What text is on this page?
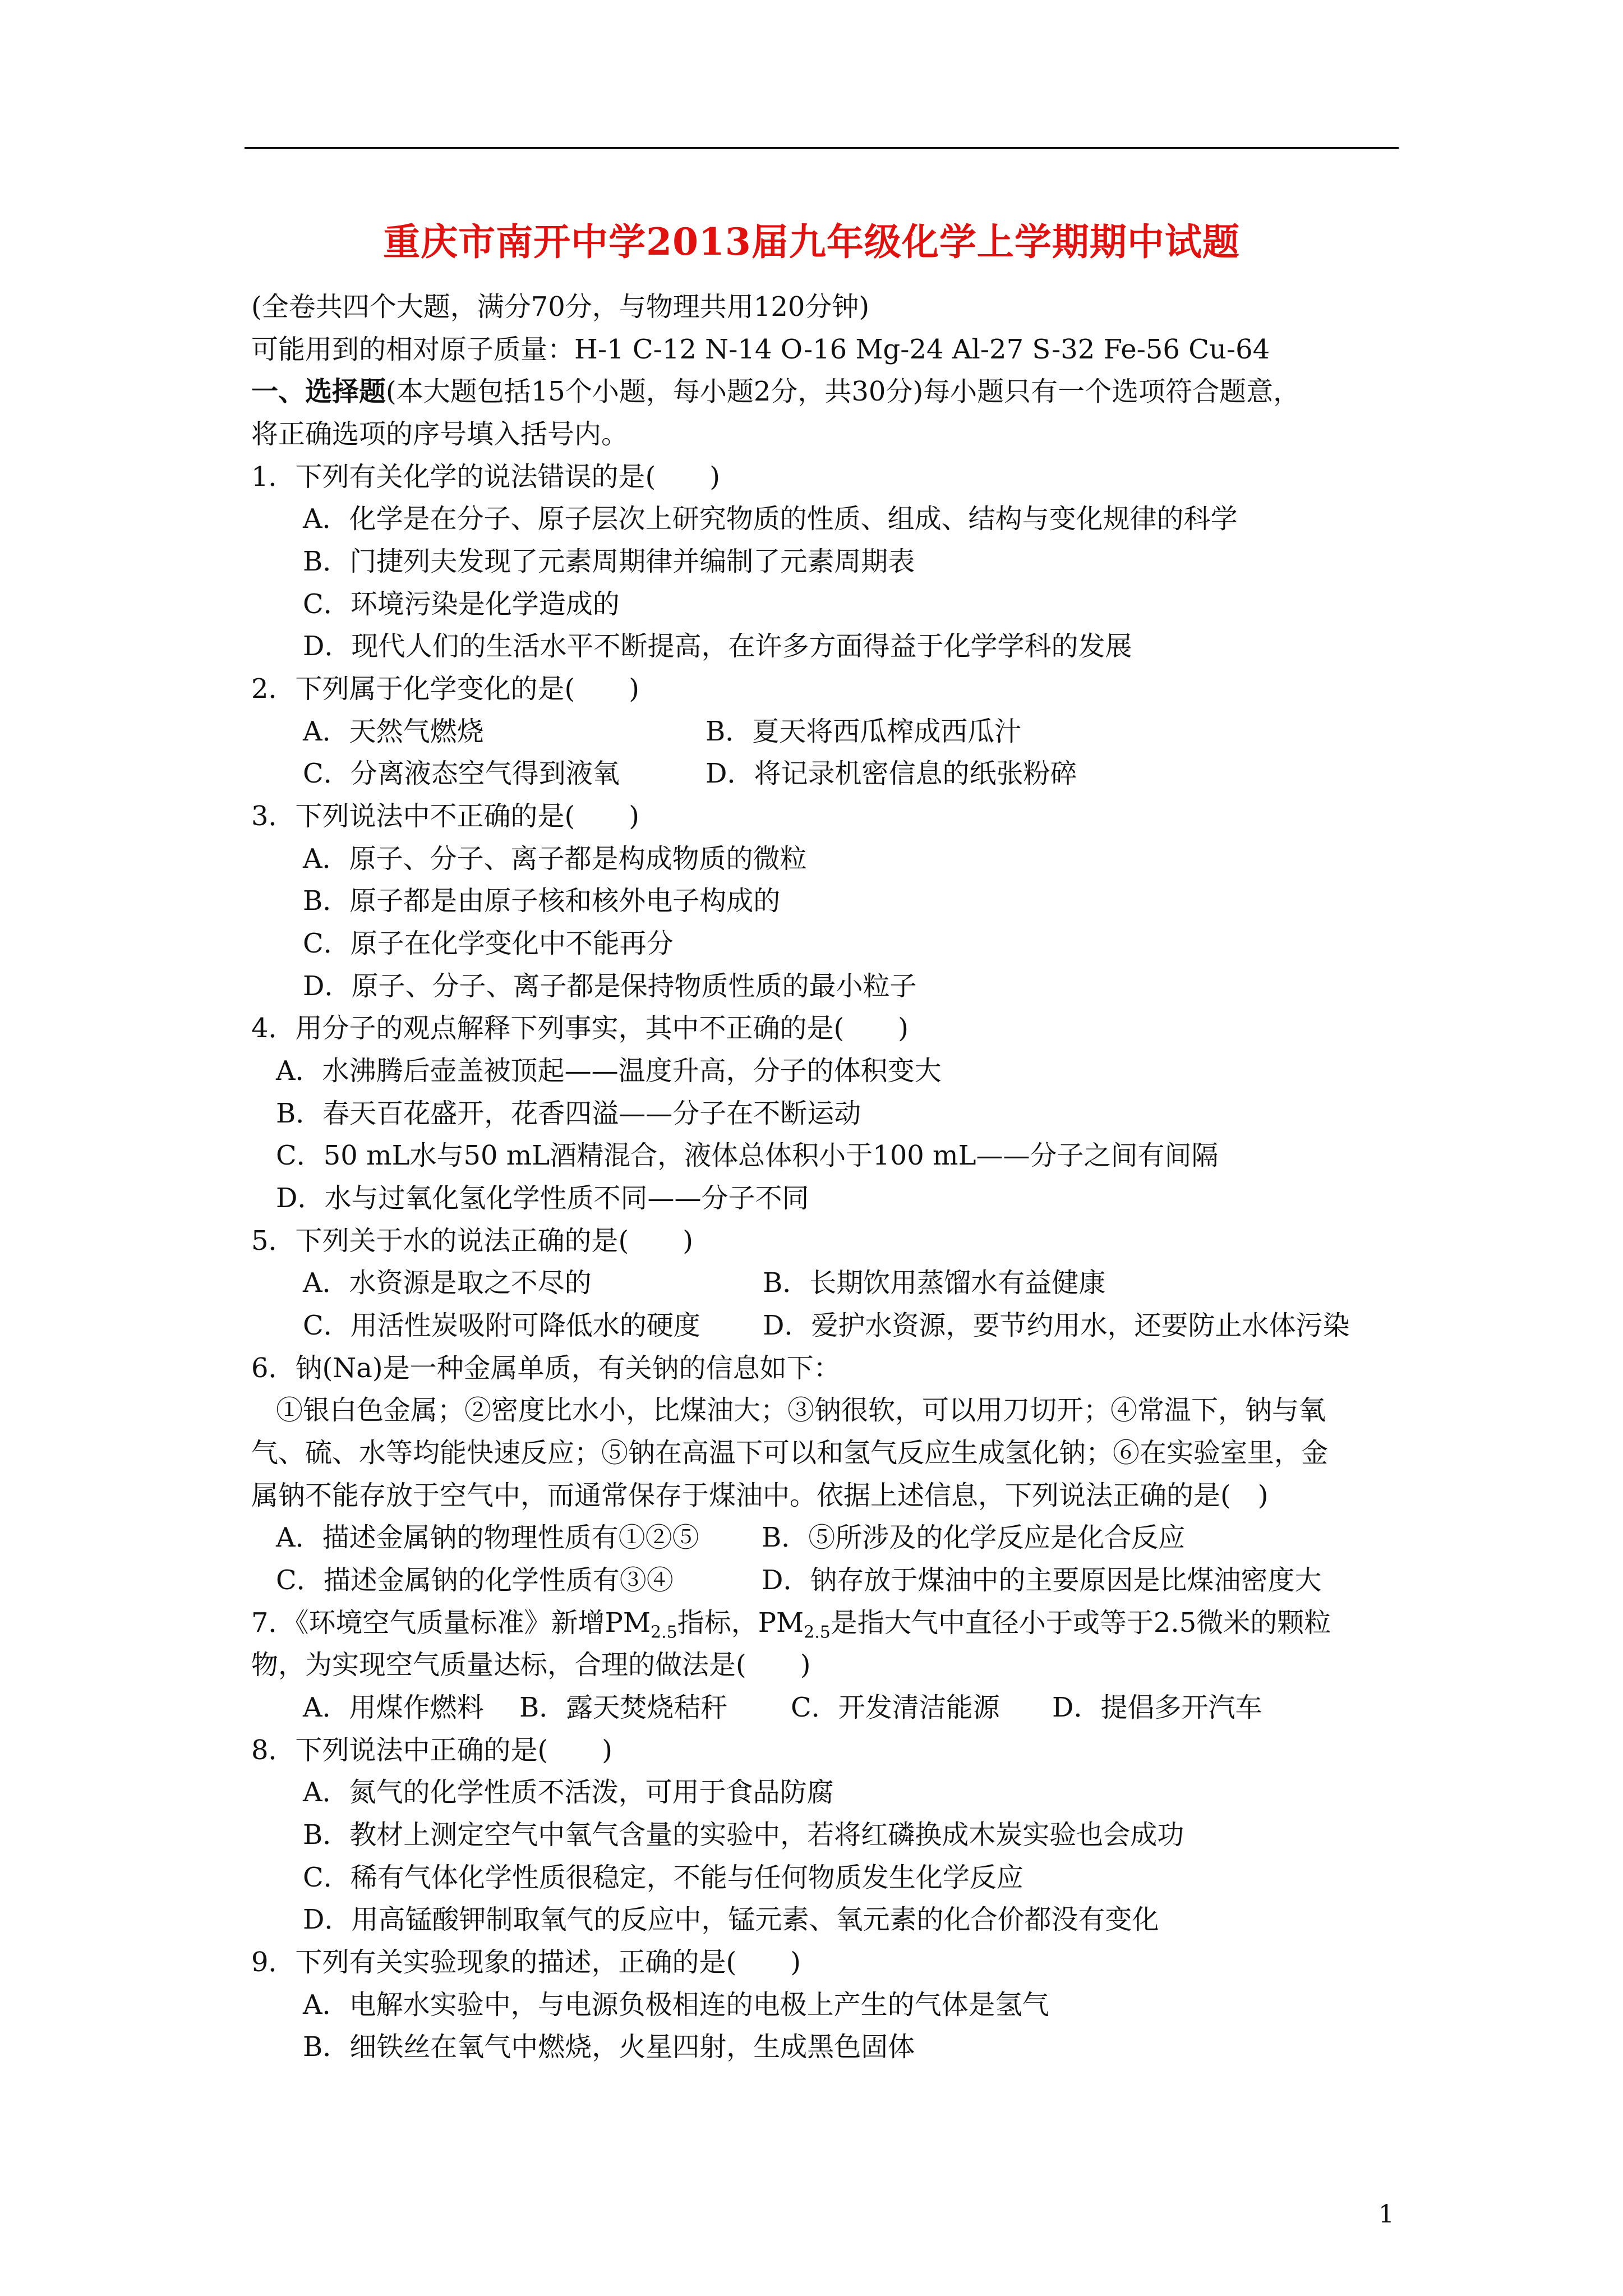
重庆市南开中学2013届九年级化学上学期期中试题
(全卷共四个大题，满分70分，与物理共用120分钟)
可能用到的相对原子质量：H-1 C-12 N-14 O-16 Mg-24 Al-27 S-32 Fe-56 Cu-64
一、选择题(本大题包括15个小题，每小题2分，共30分)每小题只有一个选项符合题意，
将正确选项的序号填入括号内。
1．下列有关化学的说法错误的是(　　)
A．化学是在分子、原子层次上研究物质的性质、组成、结构与变化规律的科学
B．门捷列夫发现了元素周期律并编制了元素周期表
C．环境污染是化学造成的
D．现代人们的生活水平不断提高，在许多方面得益于化学学科的发展
2．下列属于化学变化的是(　　)
A．天然气燃烧	B．夏天将西瓜榨成西瓜汁
C．分离液态空气得到液氧	D．将记录机密信息的纸张粉碎
3．下列说法中不正确的是(　　)
A．原子、分子、离子都是构成物质的微粒
B．原子都是由原子核和核外电子构成的
C．原子在化学变化中不能再分
D．原子、分子、离子都是保持物质性质的最小粒子
4．用分子的观点解释下列事实，其中不正确的是(　　)
A．水沸腾后壶盖被顶起——温度升高，分子的体积变大
B．春天百花盛开，花香四溢——分子在不断运动
C．50 mL水与50 mL酒精混合，液体总体积小于100 mL——分子之间有间隔
D．水与过氧化氢化学性质不同——分子不同
5．下列关于水的说法正确的是(　　)
A．水资源是取之不尽的	B．长期饮用蒸馏水有益健康
C．用活性炭吸附可降低水的硬度 D．爱护水资源，要节约用水，还要防止水体污染
6．钠(Na)是一种金属单质，有关钠的信息如下：
①银白色金属；②密度比水小，比煤油大；③钠很软，可以用刀切开；④常温下，钠与氧
气、硫、水等均能快速反应；⑤钠在高温下可以和氢气反应生成氢化钠；⑥在实验室里，金
属钠不能存放于空气中，而通常保存于煤油中。依据上述信息，下列说法正确的是(　)
A．描述金属钠的物理性质有①②⑤ B．⑤所涉及的化学反应是化合反应
C．描述金属钠的化学性质有③④	D．钠存放于煤油中的主要原因是比煤油密度大
7．《环境空气质量标准》新增$PM_{2.5}$指标，$PM_{2.5}$是指大气中直径小于或等于2.5微米的颗粒
物，为实现空气质量达标，合理的做法是(　　)
A．用煤作燃料 B．露天焚烧秸秆 C．开发清洁能源 D．提倡多开汽车
8．下列说法中正确的是(　　)
A．氮气的化学性质不活泼，可用于食品防腐
B．教材上测定空气中氧气含量的实验中，若将红磷换成木炭实验也会成功
C．稀有气体化学性质很稳定，不能与任何物质发生化学反应
D．用高锰酸钾制取氧气的反应中，锰元素、氧元素的化合价都没有变化
9．下列有关实验现象的描述，正确的是(　　)
A．电解水实验中，与电源负极相连的电极上产生的气体是氢气
B．细铁丝在氧气中燃烧，火星四射，生成黑色固体
1
